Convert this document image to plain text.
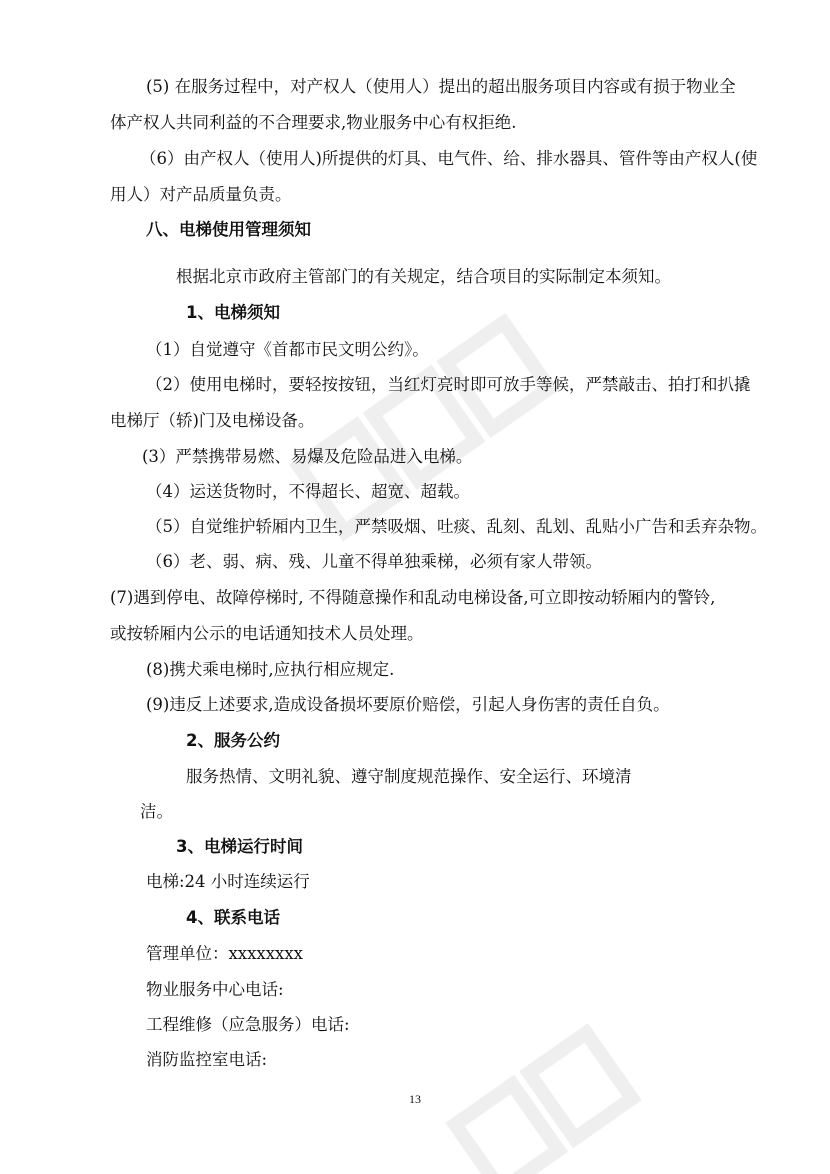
(5) 在服务过程中，对产权人（使用人）提出的超出服务项目内容或有损于物业全
体产权人共同利益的不合理要求,物业服务中心有权拒绝.
（6）由产权人（使用人)所提供的灯具、电气件、给、排水器具、管件等由产权人(使
用人）对产品质量负责。
八、电梯使用管理须知
根据北京市政府主管部门的有关规定，结合项目的实际制定本须知。
1、电梯须知
（1）自觉遵守《首都市民文明公约》。
（2）使用电梯时，要轻按按钮，当红灯亮时即可放手等候，严禁敲击、拍打和扒撬
电梯厅（轿)门及电梯设备。
(3）严禁携带易燃、易爆及危险品进入电梯。
（4）运送货物时，不得超长、超宽、超载。
（5）自觉维护轿厢内卫生，严禁吸烟、吐痰、乱刻、乱划、乱贴小广告和丢弃杂物。
（6）老、弱、病、残、儿童不得单独乘梯，必须有家人带领。
(7)遇到停电、故障停梯时, 不得随意操作和乱动电梯设备,可立即按动轿厢内的警铃,
或按轿厢内公示的电话通知技术人员处理。
(8)携犬乘电梯时,应执行相应规定.
(9)违反上述要求,造成设备损坏要原价赔偿，引起人身伤害的责任自负。
2、服务公约
服务热情、文明礼貌、遵守制度规范操作、安全运行、环境清
洁。
3、电梯运行时间
电梯:24 小时连续运行
4、联系电话
管理单位：xxxxxxxx
物业服务中心电话:
工程维修（应急服务）电话:
消防监控室电话:
13
